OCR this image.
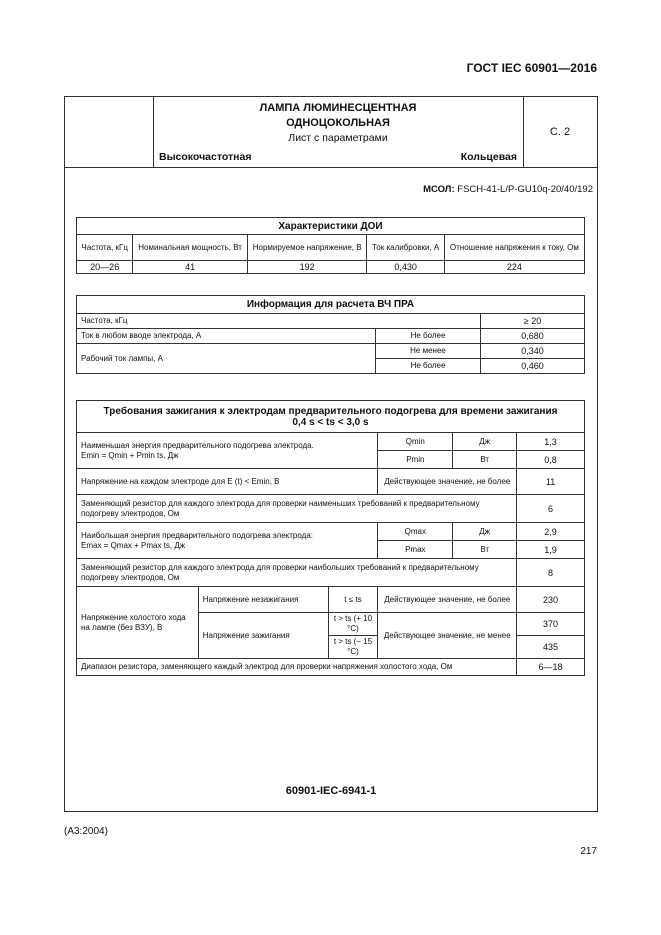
ГОСТ IEC 60901—2016
ЛАМПА ЛЮМИНЕСЦЕНТНАЯ
ОДНОЦОКОЛЬНАЯ
Лист с параметрами
Высокочастотная	Кольцевая
С. 2
МСОЛ: FSCH-41-L/P-GU10q-20/40/192
Характеристики ДОИ				
Частота, кГц	Номинальная мощность, Вт	Нормируемое напряжение, В	Ток калибровки, А	Отношение напряжения к току, Ом
20—26	41	192	0,430	224
Информация для расчета ВЧ ПРА		
Частота, кГц		≥ 20
Ток в любом вводе электрода, А	Не более	0,680
Рабочий ток лампы, А	Не менее	0,340
	Не более	0,460
Требования зажигания к электродам предварительного подогрева для времени зажигания
0,4 s < ts < 3,0 s					

Наименьшая энергия предварительного подогрева электрода.
Emin = Qmin + Pmin ts, Дж			Qmin	Дж	1,3
			Pmin	Вт	0,8
Напряжение на каждом электроде для E (t) < Emin, В			Действующее значение, не более		11
Заменяющий резистор для каждого электрода для проверки наименьших требований к предварительному подогреву электродов, Ом					6

Наибольшая энергия предварительного подогрева электрода:
Emax = Qmax + Pmax ts, Дж			Qmax	Дж	2,9
			Pmax	Вт	1,9
Заменяющий резистор для каждого электрода для проверки наибольших требований к предварительному подогреву электродов, Ом					8
Напряжение холостого хода на лампе (без ВЗУ), В	Напряжение незажигания	t ≤ ts	Действующее значение, не более		230
	Напряжение зажигания	t > ts (+ 10 °C)	Действующее значение, не менее		370
		t > ts (− 15 °C)			435
Диапазон резистора, заменяющего каждый электрод для проверки напряжения холостого хода, Ом					6—18
60901-IEC-6941-1
(A3:2004)
217
